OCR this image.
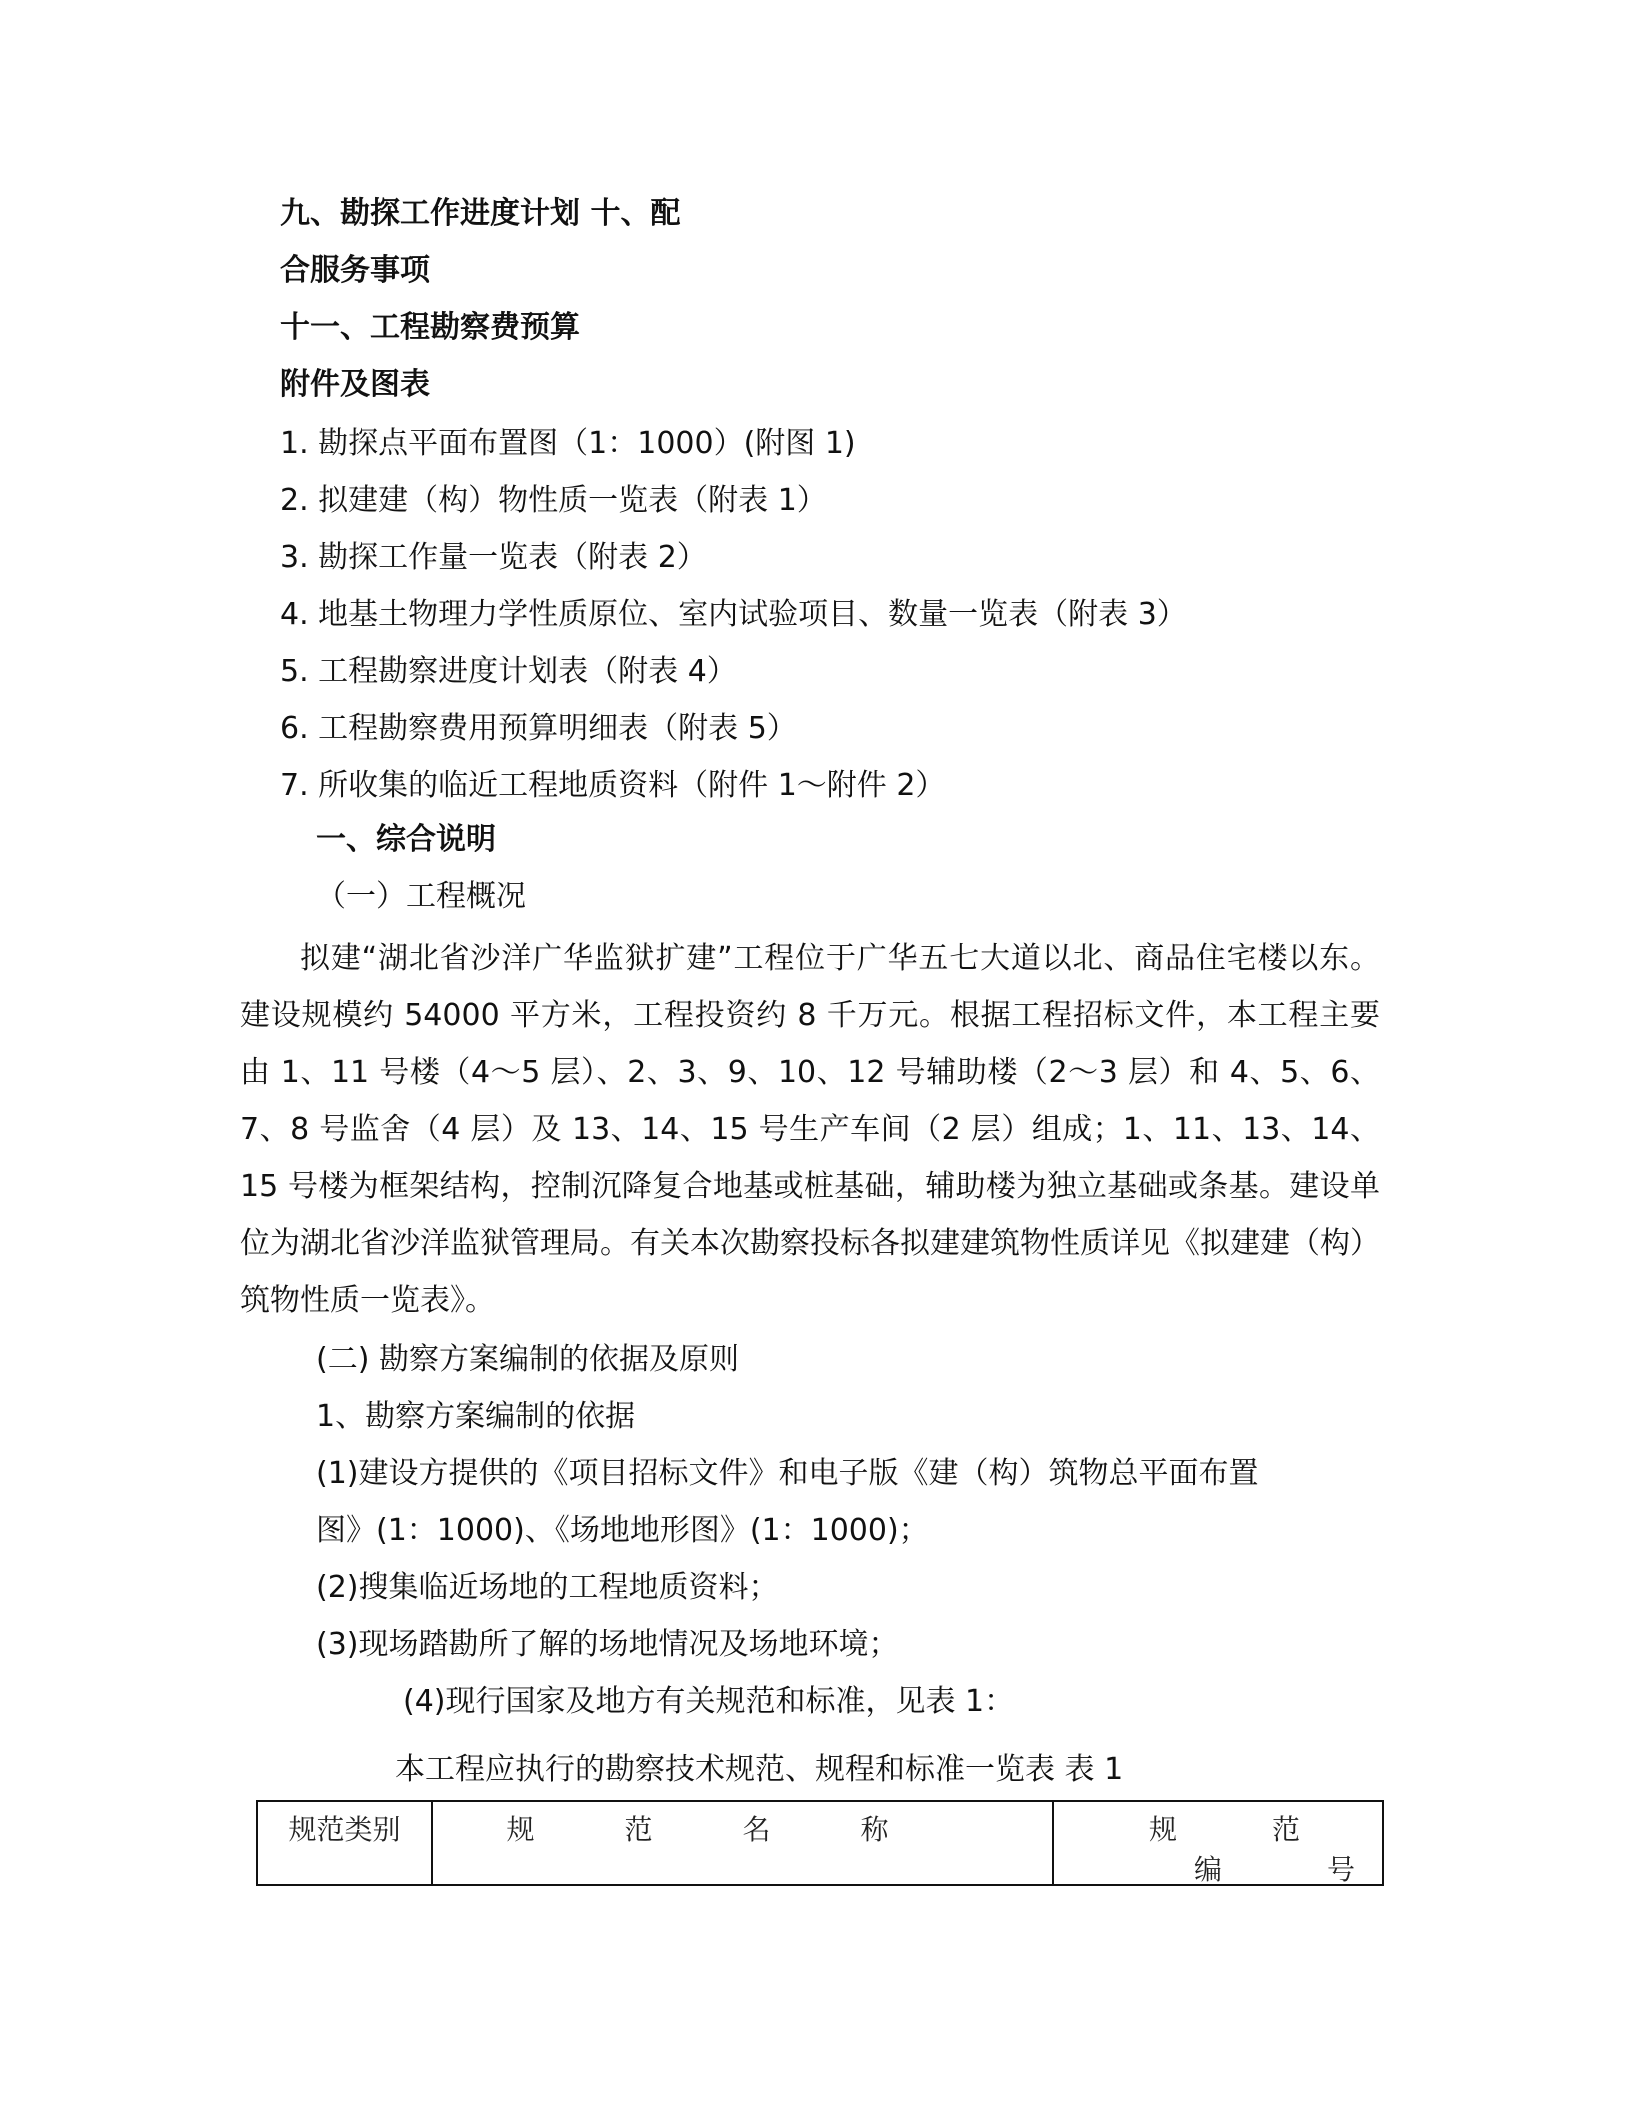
九、勘探工作进度计划 十、配
合服务事项
十一、工程勘察费预算
附件及图表
1. 勘探点平面布置图（1：1000）(附图 1)
2. 拟建建（构）物性质一览表（附表 1）
3. 勘探工作量一览表（附表 2）
4. 地基土物理力学性质原位、室内试验项目、数量一览表（附表 3）
5. 工程勘察进度计划表（附表 4）
6. 工程勘察费用预算明细表（附表 5）
7. 所收集的临近工程地质资料（附件 1～附件 2）
一、综合说明
（一）工程概况
拟建“湖北省沙洋广华监狱扩建”工程位于广华五七大道以北、商品住宅楼以东。建设规模约 54000 平方米，工程投资约 8 千万元。根据工程招标文件，本工程主要由 1、11 号楼（4～5 层）、2、3、9、10、12 号辅助楼（2～3 层）和 4、5、6、7、8 号监舍（4 层）及 13、14、15 号生产车间（2 层）组成；1、11、13、14、15 号楼为框架结构，控制沉降复合地基或桩基础，辅助楼为独立基础或条基。建设单位为湖北省沙洋监狱管理局。有关本次勘察投标各拟建建筑物性质详见《拟建建（构）筑物性质一览表》。
(二) 勘察方案编制的依据及原则
1、勘察方案编制的依据
(1)建设方提供的《项目招标文件》和电子版《建（构）筑物总平面布置
图》(1：1000)、《场地地形图》(1：1000)；
(2)搜集临近场地的工程地质资料；
(3)现场踏勘所了解的场地情况及场地环境；
(4)现行国家及地方有关规范和标准，见表 1：
本工程应执行的勘察技术规范、规程和标准一览表 表 1
规范类别	规范名称	规范
编号
